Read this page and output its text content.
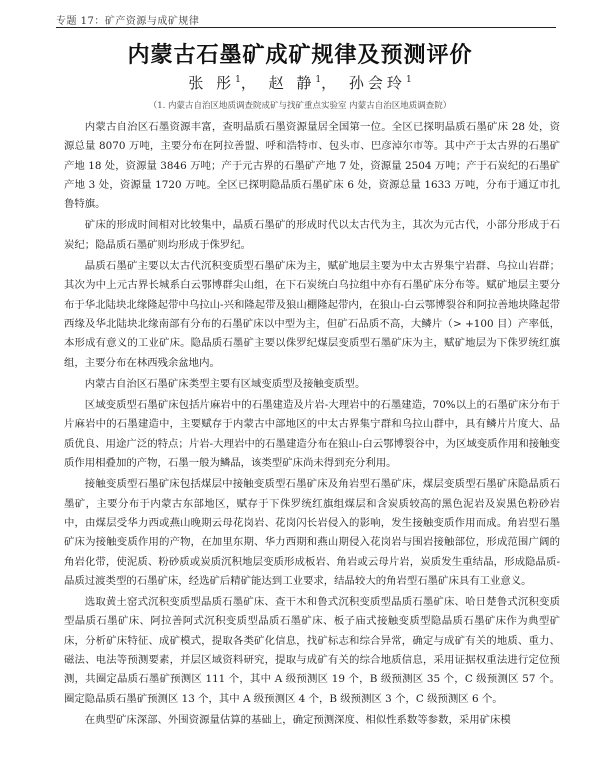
专题 17：矿产资源与成矿规律
内蒙古石墨矿成矿规律及预测评价
张 彤$^1$， 赵 静$^1$， 孙会玲$^1$
（1. 内蒙古自治区地质调查院成矿与找矿重点实验室 内蒙古自治区地质调查院）

内蒙古自治区石墨资源丰富，查明晶质石墨资源量居全国第一位。全区已探明晶质石墨矿床 28 处，资源总量 8070 万吨，主要分布在阿拉善盟、呼和浩特市、包头市、巴彦淖尔市等。其中产于太古界的石墨矿产地 18 处，资源量 3846 万吨；产于元古界的石墨矿产地 7 处，资源量 2504 万吨；产于石炭纪的石墨矿产地 3 处，资源量 1720 万吨。全区已探明隐晶质石墨矿床 6 处，资源总量 1633 万吨，分布于通辽市扎鲁特旗。

矿床的形成时间相对比较集中，晶质石墨矿的形成时代以太古代为主，其次为元古代，小部分形成于石炭纪；隐晶质石墨矿则均形成于侏罗纪。

晶质石墨矿主要以太古代沉积变质型石墨矿床为主，赋矿地层主要为中太古界集宁岩群、乌拉山岩群；其次为中上元古界长城系白云鄂博群尖山组，在下石炭统白乌拉组中亦有石墨矿床分布等。赋矿地层主要分布于华北陆块北缘隆起带中乌拉山-兴和隆起带及狼山棚隆起带内，在狼山-白云鄂博裂谷和阿拉善地块隆起带西缘及华北陆块北缘南部有分布的石墨矿床以中型为主，但矿石品质不高，大鳞片（> +100 目）产率低，本形成有意义的工业矿床。隐晶质石墨矿主要以侏罗纪煤层变质型石墨矿床为主，赋矿地层为下侏罗统红旗组，主要分布在林西残余盆地内。

内蒙古自治区石墨矿床类型主要有区域变质型及接触变质型。

区域变质型石墨矿床包括片麻岩中的石墨建造及片岩-大理岩中的石墨建造，70%以上的石墨矿床分布于片麻岩中的石墨建造中，主要赋存于内蒙古中部地区的中太古界集宁群和乌拉山群中，具有鳞片片度大、品质优良、用途广泛的特点；片岩-大理岩中的石墨建造分布在狼山-白云鄂博裂谷中，为区域变质作用和接触变质作用相叠加的产物，石墨一般为鳞晶，该类型矿床尚未得到充分利用。

接触变质型石墨矿床包括煤层中接触变质型石墨矿床及角岩型石墨矿床，煤层变质型石墨矿床隐晶质石墨矿，主要分布于内蒙古东部地区，赋存于下侏罗统红旗组煤层和含炭质较高的黑色泥岩及炭黑色粉砂岩中，由煤层受华力西或燕山晚期云母花岗岩、花岗闪长岩侵入的影响，发生接触变质作用而成。角岩型石墨矿床为接触变质作用的产物，在加里东期、华力西期和燕山期侵入花岗岩与围岩接触部位，形成范围广阔的角岩化带，使泥质、粉砂质或炭质沉积地层变质形成板岩、角岩或云母片岩，炭质发生重结晶，形成隐晶质-晶质过渡类型的石墨矿床，经选矿后精矿能达到工业要求，结晶较大的角岩型石墨矿床具有工业意义。

选取黄土窑式沉积变质型晶质石墨矿床、查干木和鲁式沉积变质型晶质石墨矿床、哈日楚鲁式沉积变质型晶质石墨矿床、阿拉善阿式沉积变质型晶质石墨矿床、板子庙式接触变质型隐晶质石墨矿床作为典型矿床，分析矿床特征、成矿模式，提取各类矿化信息，找矿标志和综合异常，确定与成矿有关的地质、重力、磁法、电法等预测要素，并层区域资料研究，提取与成矿有关的综合地质信息，采用证据权重法进行定位预测，共圈定晶质石墨矿预测区 111 个，其中 A 级预测区 19 个，B 级预测区 35 个，C 级预测区 57 个。圈定隐晶质石墨矿预测区 13 个，其中 A 级预测区 4 个，B 级预测区 3 个，C 级预测区 6 个。

在典型矿床深部、外围资源量估算的基础上，确定预测深度、相似性系数等参数，采用矿床模
